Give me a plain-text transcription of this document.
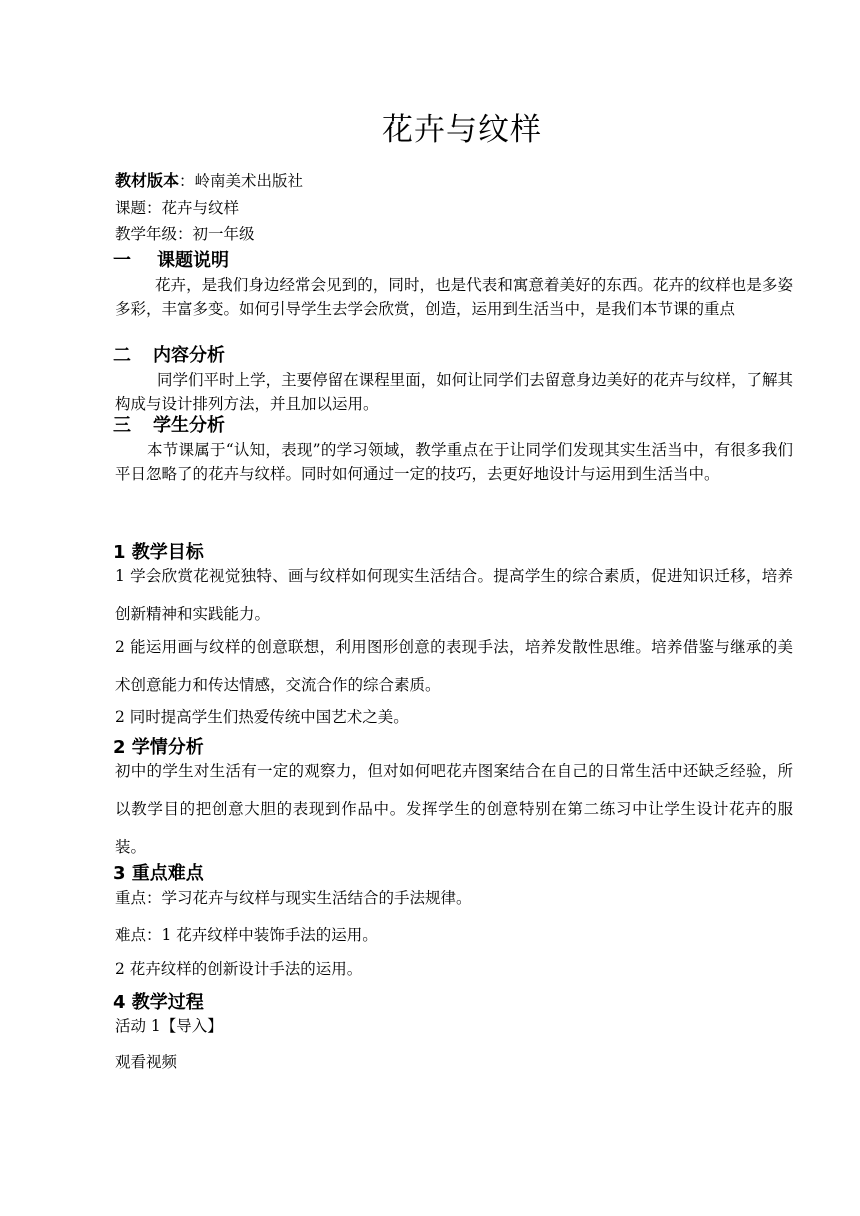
花卉与纹样
教材版本：岭南美术出版社
课题：花卉与纹样
教学年级：初一年级
一 课题说明
花卉，是我们身边经常会见到的，同时，也是代表和寓意着美好的东西。花卉的纹样也是多姿多彩，丰富多变。如何引导学生去学会欣赏，创造，运用到生活当中，是我们本节课的重点
二 内容分析
同学们平时上学，主要停留在课程里面，如何让同学们去留意身边美好的花卉与纹样，了解其构成与设计排列方法，并且加以运用。
三 学生分析
本节课属于“认知，表现”的学习领域，教学重点在于让同学们发现其实生活当中，有很多我们平日忽略了的花卉与纹样。同时如何通过一定的技巧，去更好地设计与运用到生活当中。
1 教学目标
1 学会欣赏花视觉独特、画与纹样如何现实生活结合。提高学生的综合素质，促进知识迁移，培养创新精神和实践能力。
2 能运用画与纹样的创意联想，利用图形创意的表现手法，培养发散性思维。培养借鉴与继承的美术创意能力和传达情感，交流合作的综合素质。
2 同时提高学生们热爱传统中国艺术之美。
2 学情分析
初中的学生对生活有一定的观察力，但对如何吧花卉图案结合在自己的日常生活中还缺乏经验，所以教学目的把创意大胆的表现到作品中。发挥学生的创意特别在第二练习中让学生设计花卉的服装。
3 重点难点
重点：学习花卉与纹样与现实生活结合的手法规律。
难点：1 花卉纹样中装饰手法的运用。
2 花卉纹样的创新设计手法的运用。
4 教学过程
活动 1【导入】
观看视频
